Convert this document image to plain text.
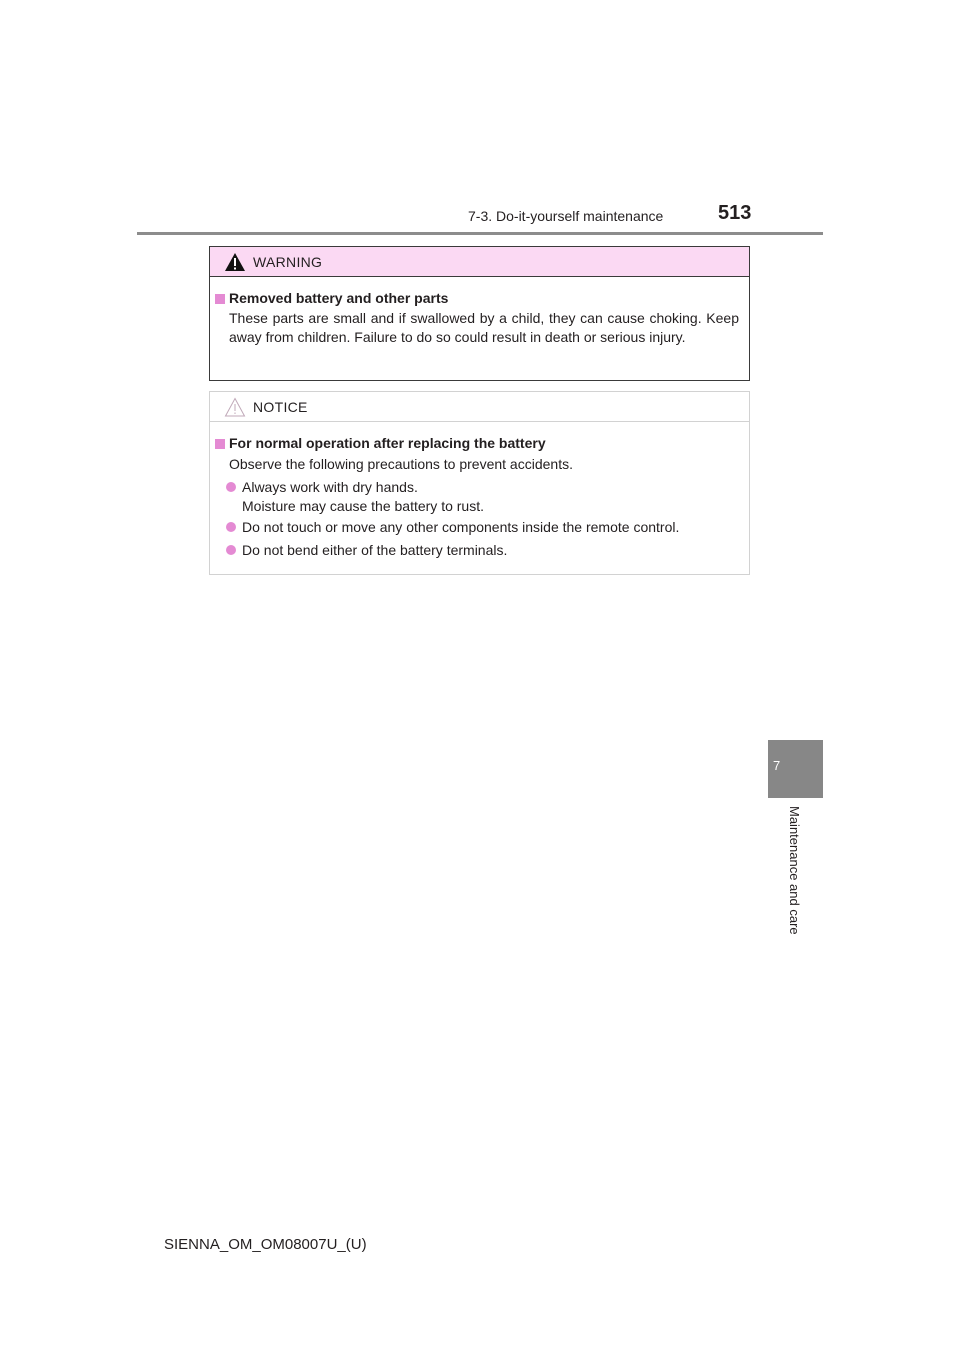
7-3. Do-it-yourself maintenance	513
WARNING
Removed battery and other parts
These parts are small and if swallowed by a child, they can cause choking. Keep away from children. Failure to do so could result in death or serious injury.
NOTICE
For normal operation after replacing the battery
Observe the following precautions to prevent accidents.
Always work with dry hands.
Moisture may cause the battery to rust.
Do not touch or move any other components inside the remote control.
Do not bend either of the battery terminals.
7
Maintenance and care
SIENNA_OM_OM08007U_(U)
